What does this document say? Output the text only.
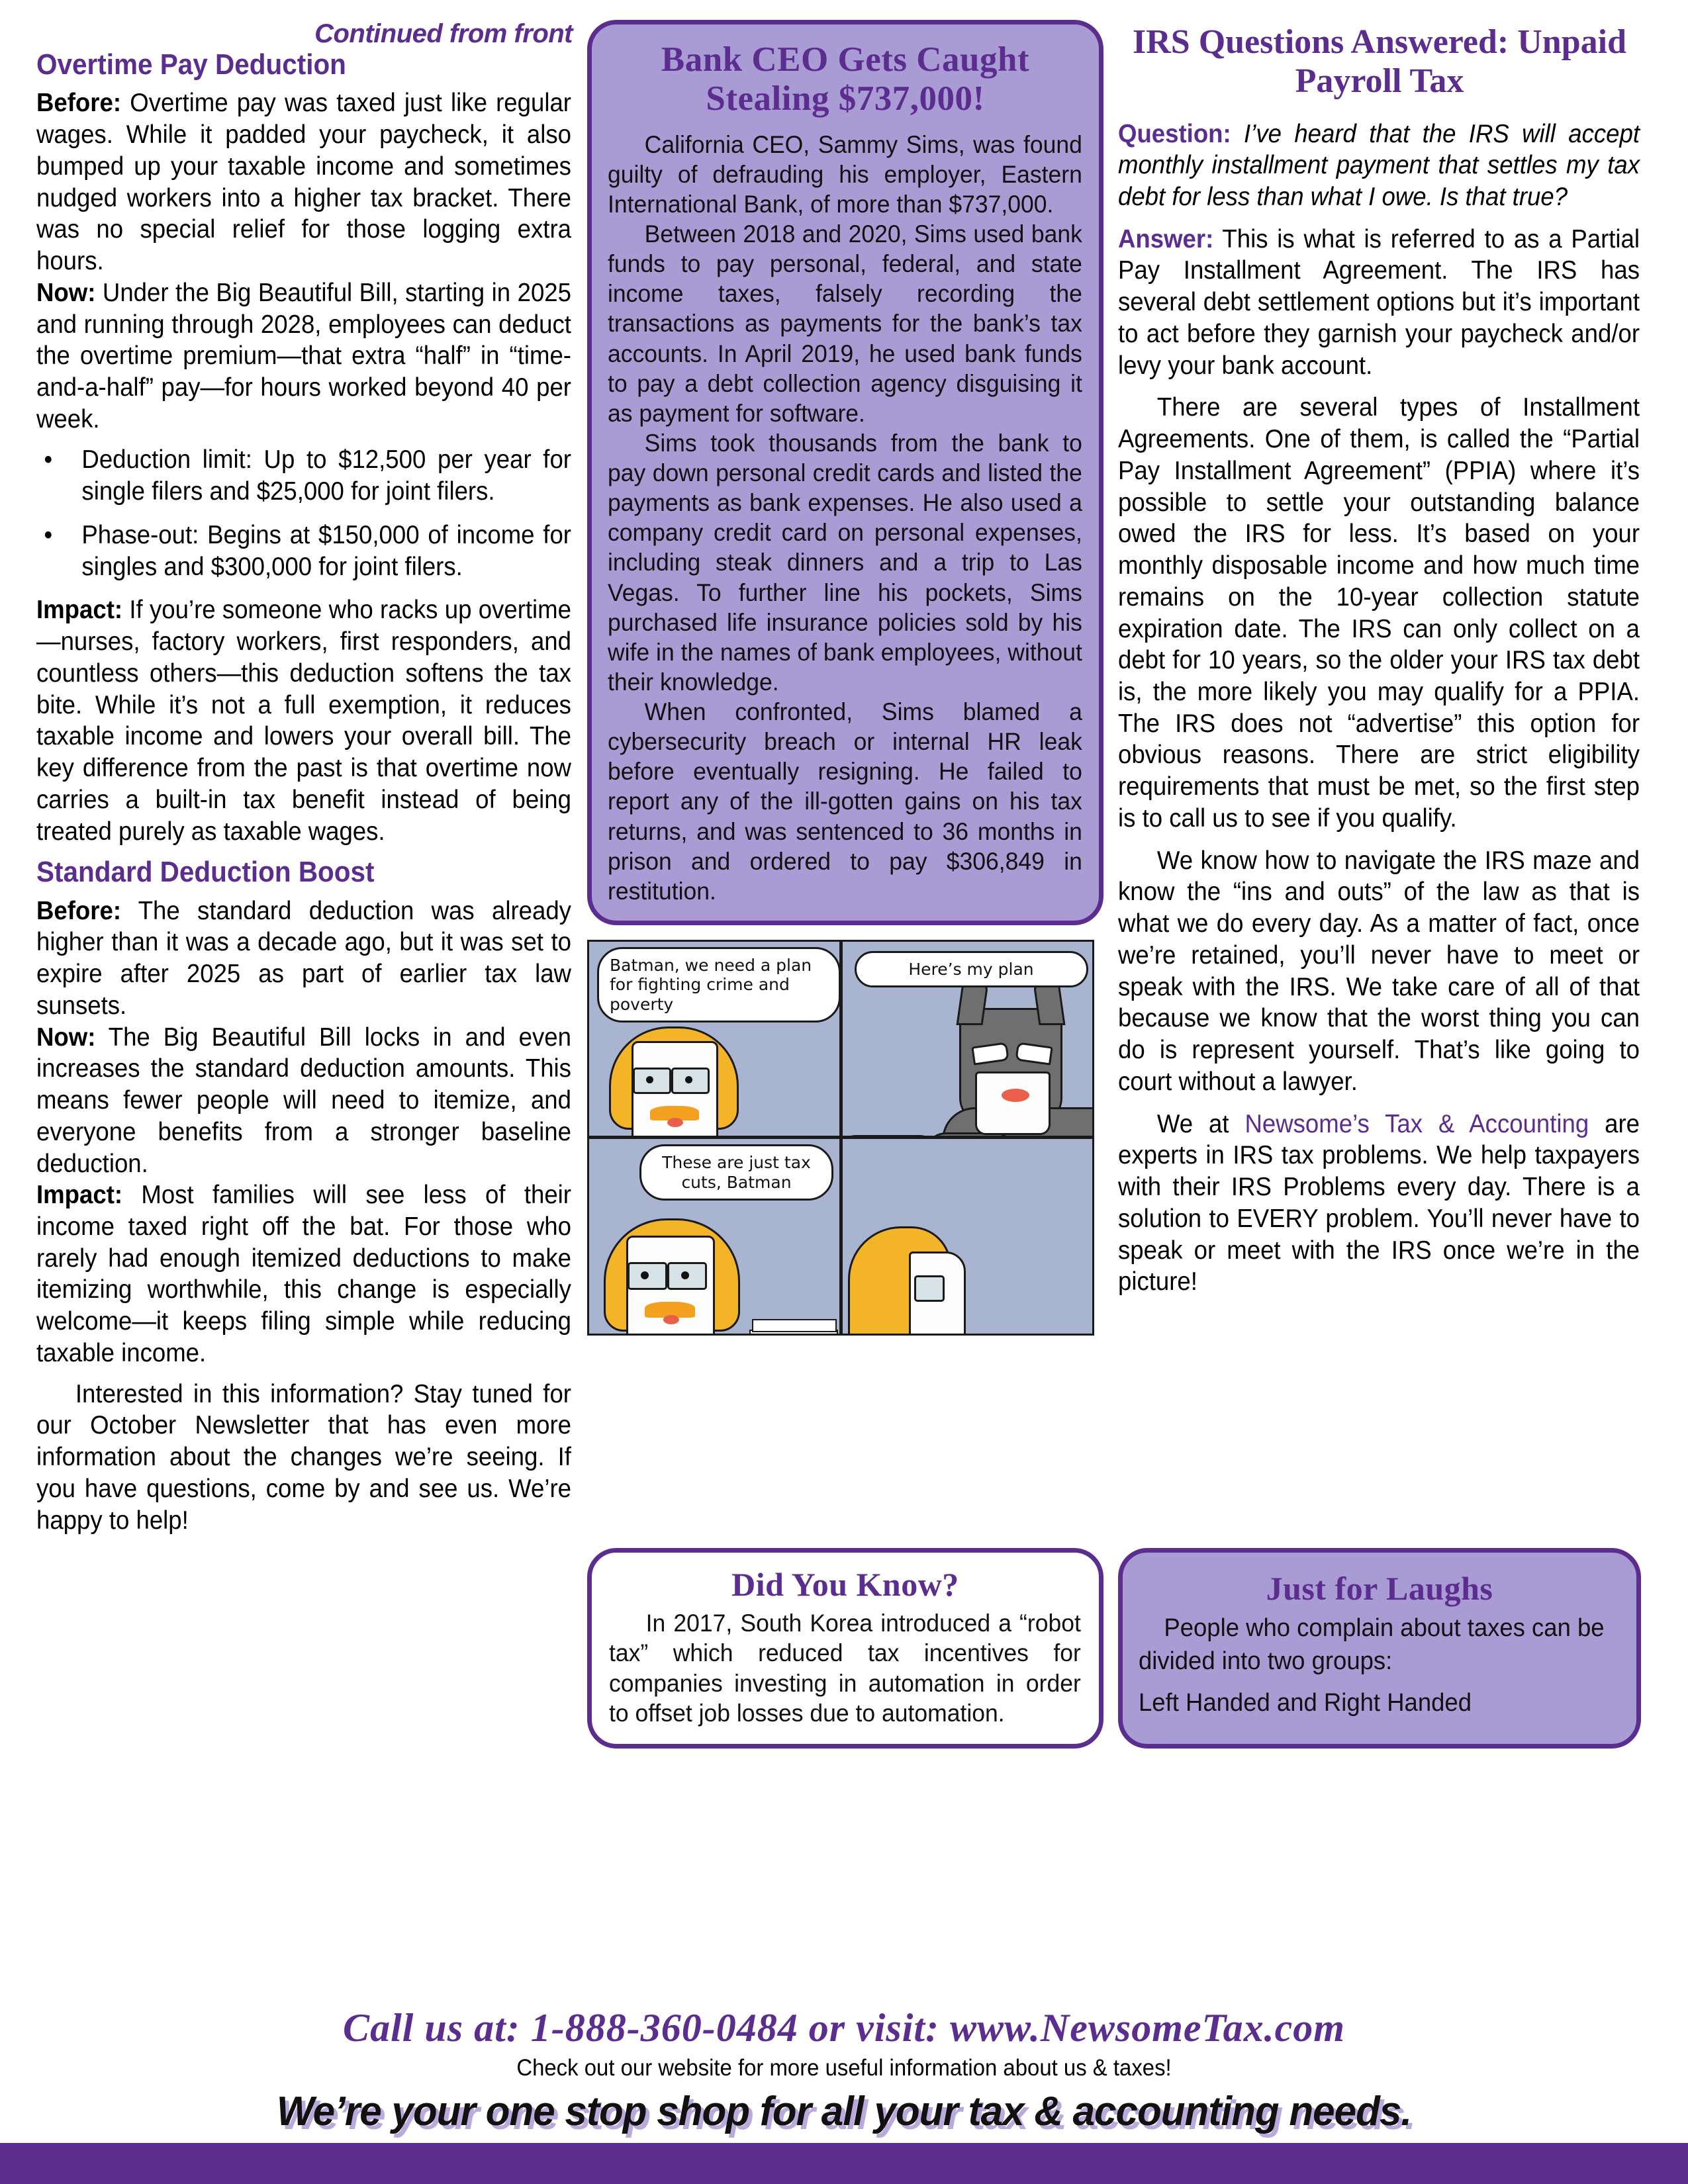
Continued from front
Overtime Pay Deduction

Before: Overtime pay was taxed just like regular wages. While it padded your paycheck, it also bumped up your taxable income and sometimes nudged workers into a higher tax bracket. There was no special relief for those logging extra hours.

Now: Under the Big Beautiful Bill, starting in 2025 and running through 2028, employees can deduct the overtime premium—that extra “half” in “time-and-a-half” pay—for hours worked beyond 40 per week.

• Deduction limit: Up to $12,500 per year for single filers and $25,000 for joint filers.
• Phase-out: Begins at $150,000 of income for singles and $300,000 for joint filers.

Impact: If you’re someone who racks up overtime—nurses, factory workers, first responders, and countless others—this deduction softens the tax bite. While it’s not a full exemption, it reduces taxable income and lowers your overall bill. The key difference from the past is that overtime now carries a built-in tax benefit instead of being treated purely as taxable wages.

Standard Deduction Boost

Before: The standard deduction was already higher than it was a decade ago, but it was set to expire after 2025 as part of earlier tax law sunsets.

Now: The Big Beautiful Bill locks in and even increases the standard deduction amounts. This means fewer people will need to itemize, and everyone benefits from a stronger baseline deduction.

Impact: Most families will see less of their income taxed right off the bat. For those who rarely had enough itemized deductions to make itemizing worthwhile, this change is especially welcome—it keeps filing simple while reducing taxable income.

Interested in this information? Stay tuned for our October Newsletter that has even more information about the changes we’re seeing. If you have questions, come by and see us. We’re happy to help!

Bank CEO Gets Caught Stealing $737,000!

California CEO, Sammy Sims, was found guilty of defrauding his employer, Eastern International Bank, of more than $737,000.

Between 2018 and 2020, Sims used bank funds to pay personal, federal, and state income taxes, falsely recording the transactions as payments for the bank’s tax accounts. In April 2019, he used bank funds to pay a debt collection agency disguising it as payment for software.

Sims took thousands from the bank to pay down personal credit cards and listed the payments as bank expenses. He also used a company credit card on personal expenses, including steak dinners and a trip to Las Vegas. To further line his pockets, Sims purchased life insurance policies sold by his wife in the names of bank employees, without their knowledge.

When confronted, Sims blamed a cybersecurity breach or internal HR leak before eventually resigning. He failed to report any of the ill-gotten gains on his tax returns, and was sentenced to 36 months in prison and ordered to pay $306,849 in restitution.

Batman, we need a plan for fighting crime and poverty
Here’s my plan
These are just tax cuts, Batman
IRS Questions Answered: Unpaid Payroll Tax

Question: I’ve heard that the IRS will accept monthly installment payment that settles my tax debt for less than what I owe. Is that true?

Answer: This is what is referred to as a Partial Pay Installment Agreement. The IRS has several debt settlement options but it’s important to act before they garnish your paycheck and/or levy your bank account.

There are several types of Installment Agreements. One of them, is called the “Partial Pay Installment Agreement” (PPIA) where it’s possible to settle your outstanding balance owed the IRS for less. It’s based on your monthly disposable income and how much time remains on the 10-year collection statute expiration date. The IRS can only collect on a debt for 10 years, so the older your IRS tax debt is, the more likely you may qualify for a PPIA. The IRS does not “advertise” this option for obvious reasons. There are strict eligibility requirements that must be met, so the first step is to call us to see if you qualify.

We know how to navigate the IRS maze and know the “ins and outs” of the law as that is what we do every day. As a matter of fact, once we’re retained, you’ll never have to meet or speak with the IRS. We take care of all of that because we know that the worst thing you can do is represent yourself. That’s like going to court without a lawyer.

We at Newsome’s Tax & Accounting are experts in IRS tax problems. We help taxpayers with their IRS Problems every day. There is a solution to EVERY problem. You’ll never have to speak or meet with the IRS once we’re in the picture!

Did You Know?

In 2017, South Korea introduced a “robot tax” which reduced tax incentives for companies investing in automation in order to offset job losses due to automation.

Just for Laughs

People who complain about taxes can be divided into two groups:

Left Handed and Right Handed

Call us at: 1-888-360-0484 or visit: www.NewsomeTax.com
Check out our website for more useful information about us & taxes!
We’re your one stop shop for all your tax & accounting needs.
